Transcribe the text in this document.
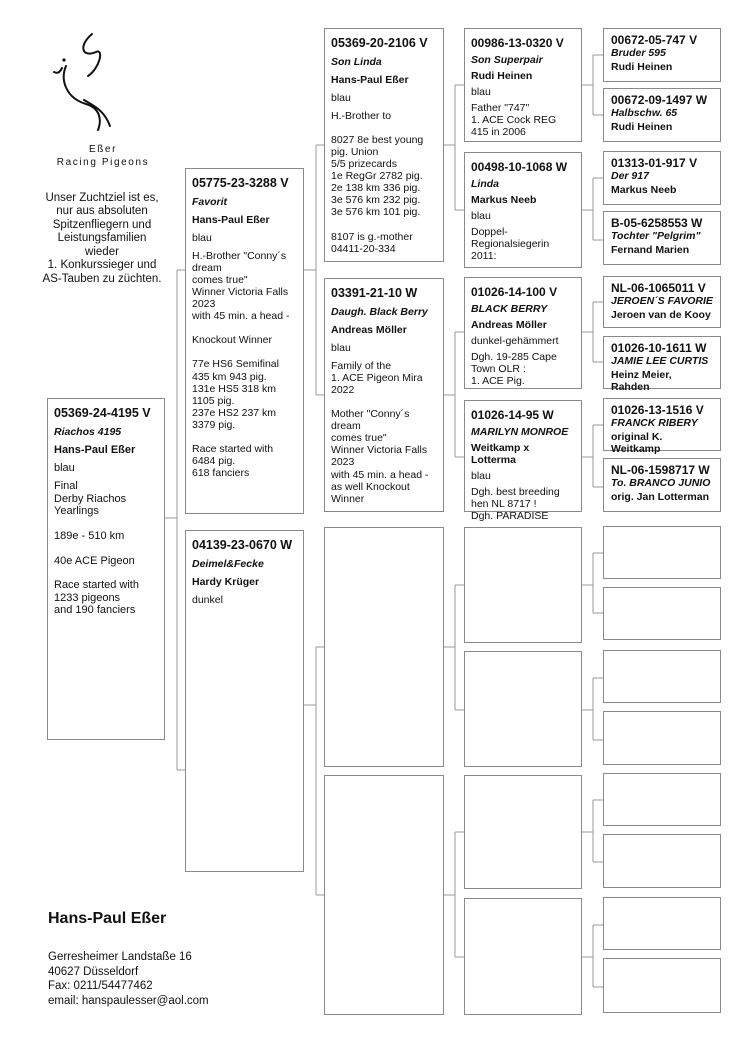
Eßer
Racing Pigeons
Unser Zuchtziel ist es,
nur aus absoluten
Spitzenfliegern und
Leistungsfamilien
wieder
1. Konkurssieger und
AS-Tauben zu züchten.
05369-24-4195 V
Riachos 4195
Hans-Paul Eßer
blau
Final
Derby Riachos
Yearlings
189e - 510 km
40e ACE Pigeon
Race started with
1233 pigeons
and 190 fanciers
05775-23-3288 V
Favorit
Hans-Paul Eßer
blau
H.-Brother "Conny´s
dream
comes true"
Winner Victoria Falls
2023
with 45 min. a head -
Knockout Winner
77e HS6 Semifinal
435 km 943 pig.
131e HS5 318 km
1105 pig.
237e HS2 237 km
3379 pig.
Race started with
6484 pig.
618 fanciers
04139-23-0670 W
Deimel&Fecke
Hardy Krüger
dunkel
05369-20-2106 V
Son Linda
Hans-Paul Eßer
blau
H.-Brother to
8027 8e best young
pig. Union
5/5 prizecards
1e RegGr 2782 pig.
2e 138 km 336 pig.
3e 576 km 232 pig.
3e 576 km 101 pig.
8107 is g.-mother
04411-20-334
03391-21-10 W
Daugh. Black Berry
Andreas Möller
blau
Family of the
1. ACE Pigeon Mira
2022
Mother "Conny´s
dream
comes true"
Winner Victoria Falls
2023
with 45 min. a head -
as well Knockout
Winner
00986-13-0320 V
Son Superpair
Rudi Heinen
blau
Father "747"
1. ACE Cock REG
415 in 2006
00498-10-1068 W
Linda
Markus Neeb
blau
Doppel-
Regionalsiegerin
2011:
01026-14-100 V
BLACK BERRY
Andreas Möller
dunkel-gehämmert
Dgh. 19-285 Cape
Town OLR :
1. ACE Pig.
01026-14-95 W
MARILYN MONROE
Weitkamp x Lotterma
blau
Dgh. best breeding
hen NL 8717 !
Dgh. PARADISE
00672-05-747 V
Bruder 595
Rudi Heinen
00672-09-1497 W
Halbschw. 65
Rudi Heinen
01313-01-917 V
Der 917
Markus Neeb
B-05-6258553 W
Tochter "Pelgrim"
Fernand Marien
NL-06-1065011 V
JEROEN´S FAVORIE
Jeroen van de Kooy
01026-10-1611 W
JAMIE LEE CURTIS
Heinz Meier, Rahden
01026-13-1516 V
FRANCK RIBERY
original K. Weitkamp
NL-06-1598717 W
To. BRANCO JUNIO
orig. Jan Lotterman
Hans-Paul Eßer
Gerresheimer Landstaße 16
40627 Düsseldorf
Fax: 0211/54477462
email: hanspaulesser@aol.com
